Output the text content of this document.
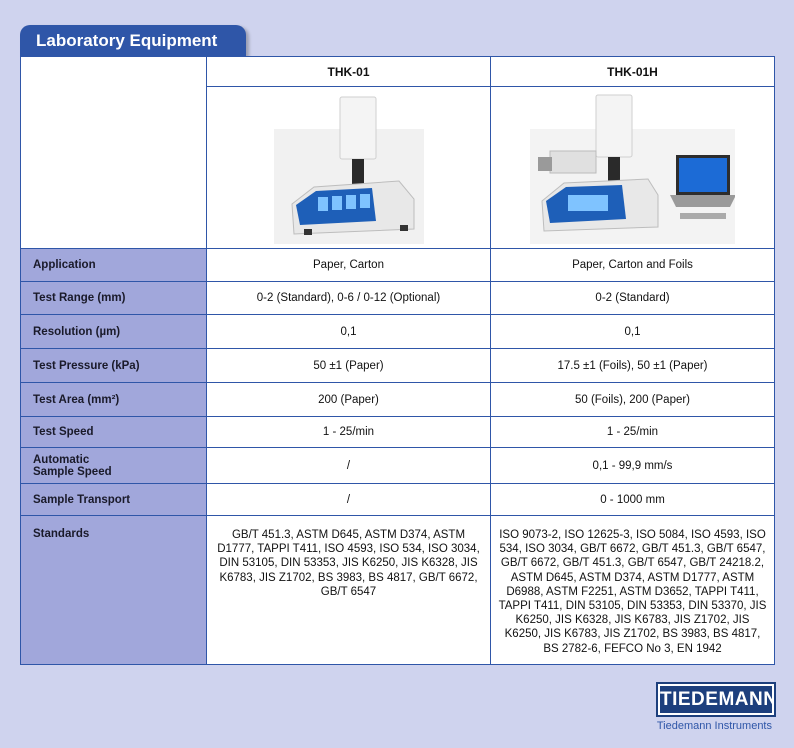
Laboratory Equipment
	THK-01	THK-01H

Application	Paper, Carton	Paper, Carton and Foils
Test Range (mm)	0-2 (Standard), 0-6 / 0-12 (Optional)	0-2 (Standard)
Resolution (µm)	0,1	0,1
Test Pressure (kPa)	50 ±1 (Paper)	17.5 ±1 (Foils), 50 ±1 (Paper)
Test Area (mm²)	200 (Paper)	50 (Foils), 200 (Paper)
Test Speed	1 - 25/min	1 - 25/min

Automatic
Sample Speed	/	0,1 - 99,9 mm/s
Sample Transport	/	0 - 1000 mm
Standards	GB/T 451.3, ASTM D645, ASTM D374, ASTM D1777, TAPPI T411, ISO 4593, ISO 534, ISO 3034, DIN 53105, DIN 53353, JIS K6250, JIS K6328, JIS K6783, JIS Z1702, BS 3983, BS 4817, GB/T 6672, GB/T 6547	ISO 9073-2, ISO 12625-3, ISO 5084, ISO 4593, ISO 534, ISO 3034, GB/T 6672, GB/T 451.3, GB/T 6547, GB/T 6672, GB/T 451.3, GB/T 6547, GB/T 24218.2, ASTM D645, ASTM D374, ASTM D1777, ASTM D6988, ASTM F2251, ASTM D3652, TAPPI T411, TAPPI T411, DIN 53105, DIN 53353, DIN 53370, JIS K6250, JIS K6328, JIS K6783, JIS Z1702, JIS K6250, JIS K6783, JIS Z1702, BS 3983, BS 4817, BS 2782-6, FEFCO No 3, EN 1942
TIEDEMANN
Tiedemann Instruments
